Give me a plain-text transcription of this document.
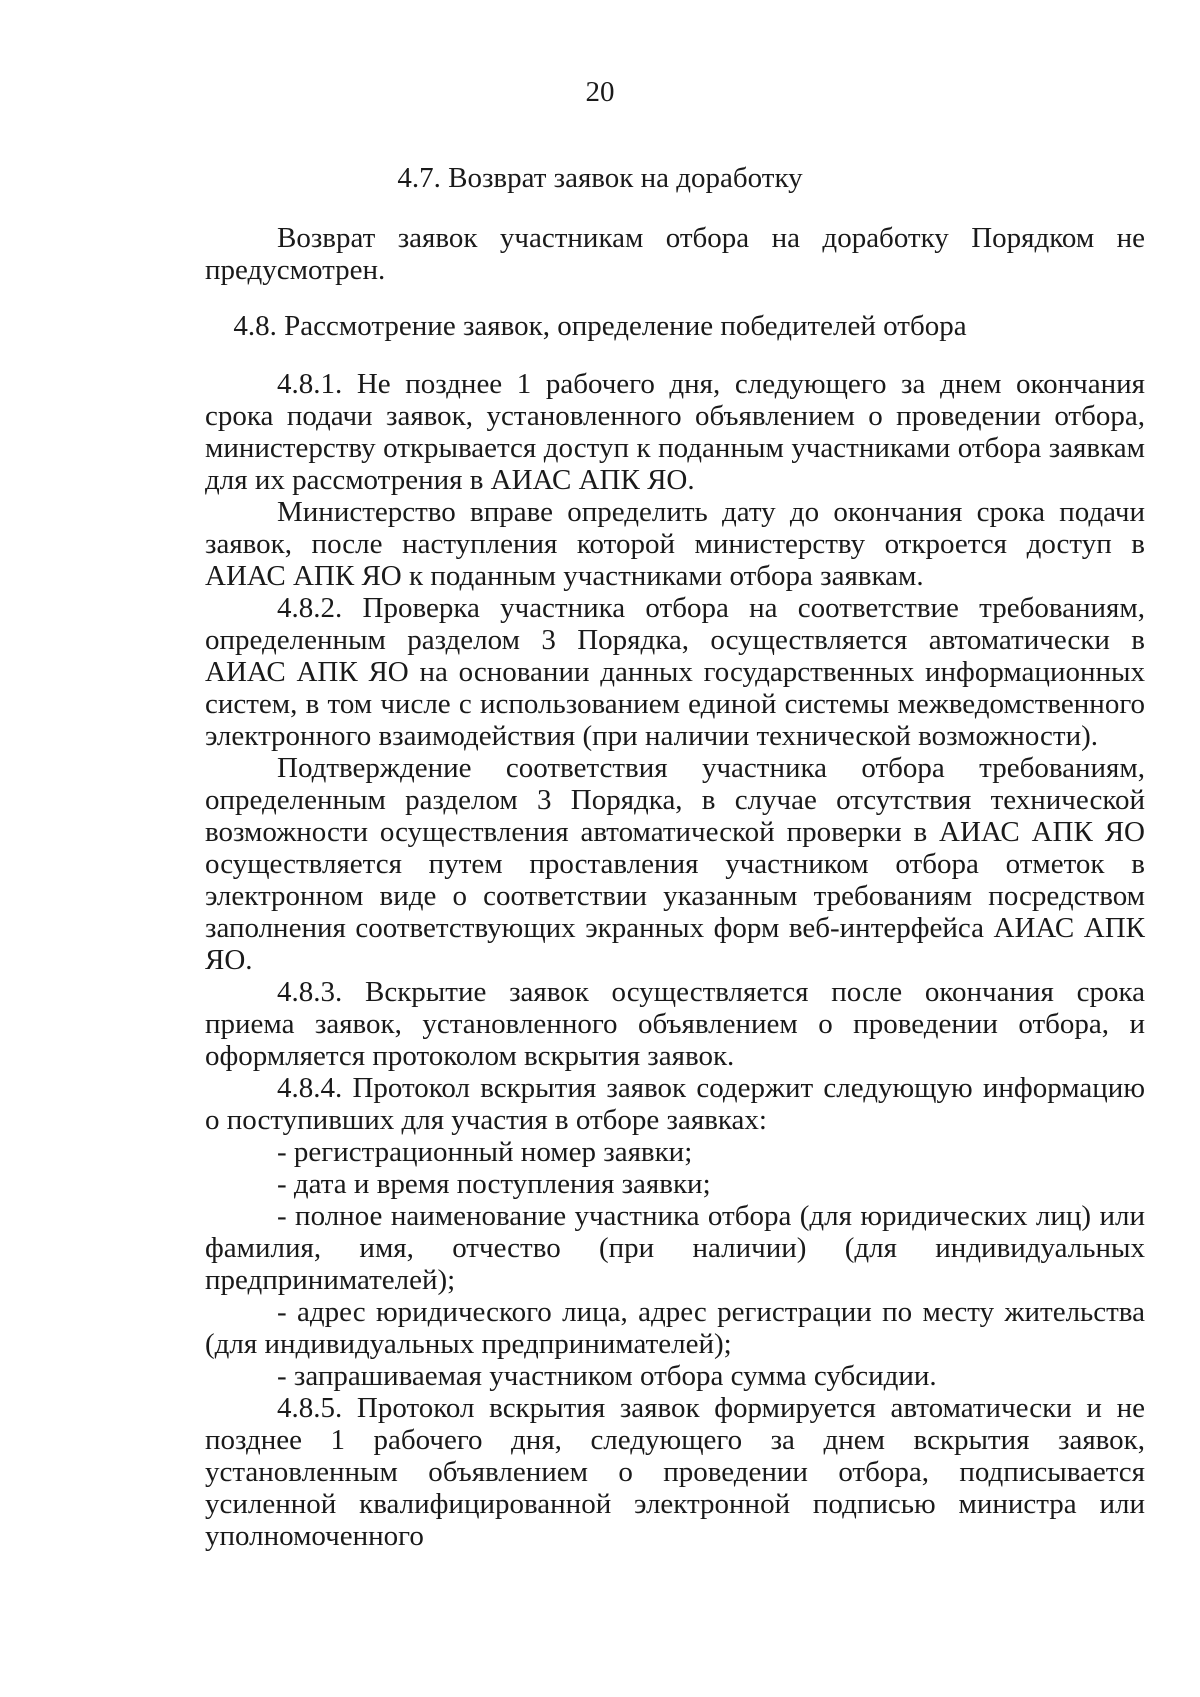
20
4.7. Возврат заявок на доработку

Возврат заявок участникам отбора на доработку Порядком не предусмотрен.

4.8. Рассмотрение заявок, определение победителей отбора

4.8.1. Не позднее 1 рабочего дня, следующего за днем окончания срока подачи заявок, установленного объявлением о проведении отбора, министерству открывается доступ к поданным участниками отбора заявкам для их рассмотрения в АИАС АПК ЯО.

Министерство вправе определить дату до окончания срока подачи заявок, после наступления которой министерству откроется доступ в АИАС АПК ЯО к поданным участниками отбора заявкам.

4.8.2. Проверка участника отбора на соответствие требованиям, определенным разделом 3 Порядка, осуществляется автоматически в АИАС АПК ЯО на основании данных государственных информационных систем, в том числе с использованием единой системы межведомственного электронного взаимодействия (при наличии технической возможности).

Подтверждение соответствия участника отбора требованиям, определенным разделом 3 Порядка, в случае отсутствия технической возможности осуществления автоматической проверки в АИАС АПК ЯО осуществляется путем проставления участником отбора отметок в электронном виде о соответствии указанным требованиям посредством заполнения соответствующих экранных форм веб-интерфейса АИАС АПК ЯО.

4.8.3. Вскрытие заявок осуществляется после окончания срока приема заявок, установленного объявлением о проведении отбора, и оформляется протоколом вскрытия заявок.

4.8.4. Протокол вскрытия заявок содержит следующую информацию о поступивших для участия в отборе заявках:

- регистрационный номер заявки;

- дата и время поступления заявки;

- полное наименование участника отбора (для юридических лиц) или фамилия, имя, отчество (при наличии) (для индивидуальных предпринимателей);

- адрес юридического лица, адрес регистрации по месту жительства (для индивидуальных предпринимателей);

- запрашиваемая участником отбора сумма субсидии.

4.8.5. Протокол вскрытия заявок формируется автоматически и не позднее 1 рабочего дня, следующего за днем вскрытия заявок, установленным объявлением о проведении отбора, подписывается усиленной квалифицированной электронной подписью министра или уполномоченного
